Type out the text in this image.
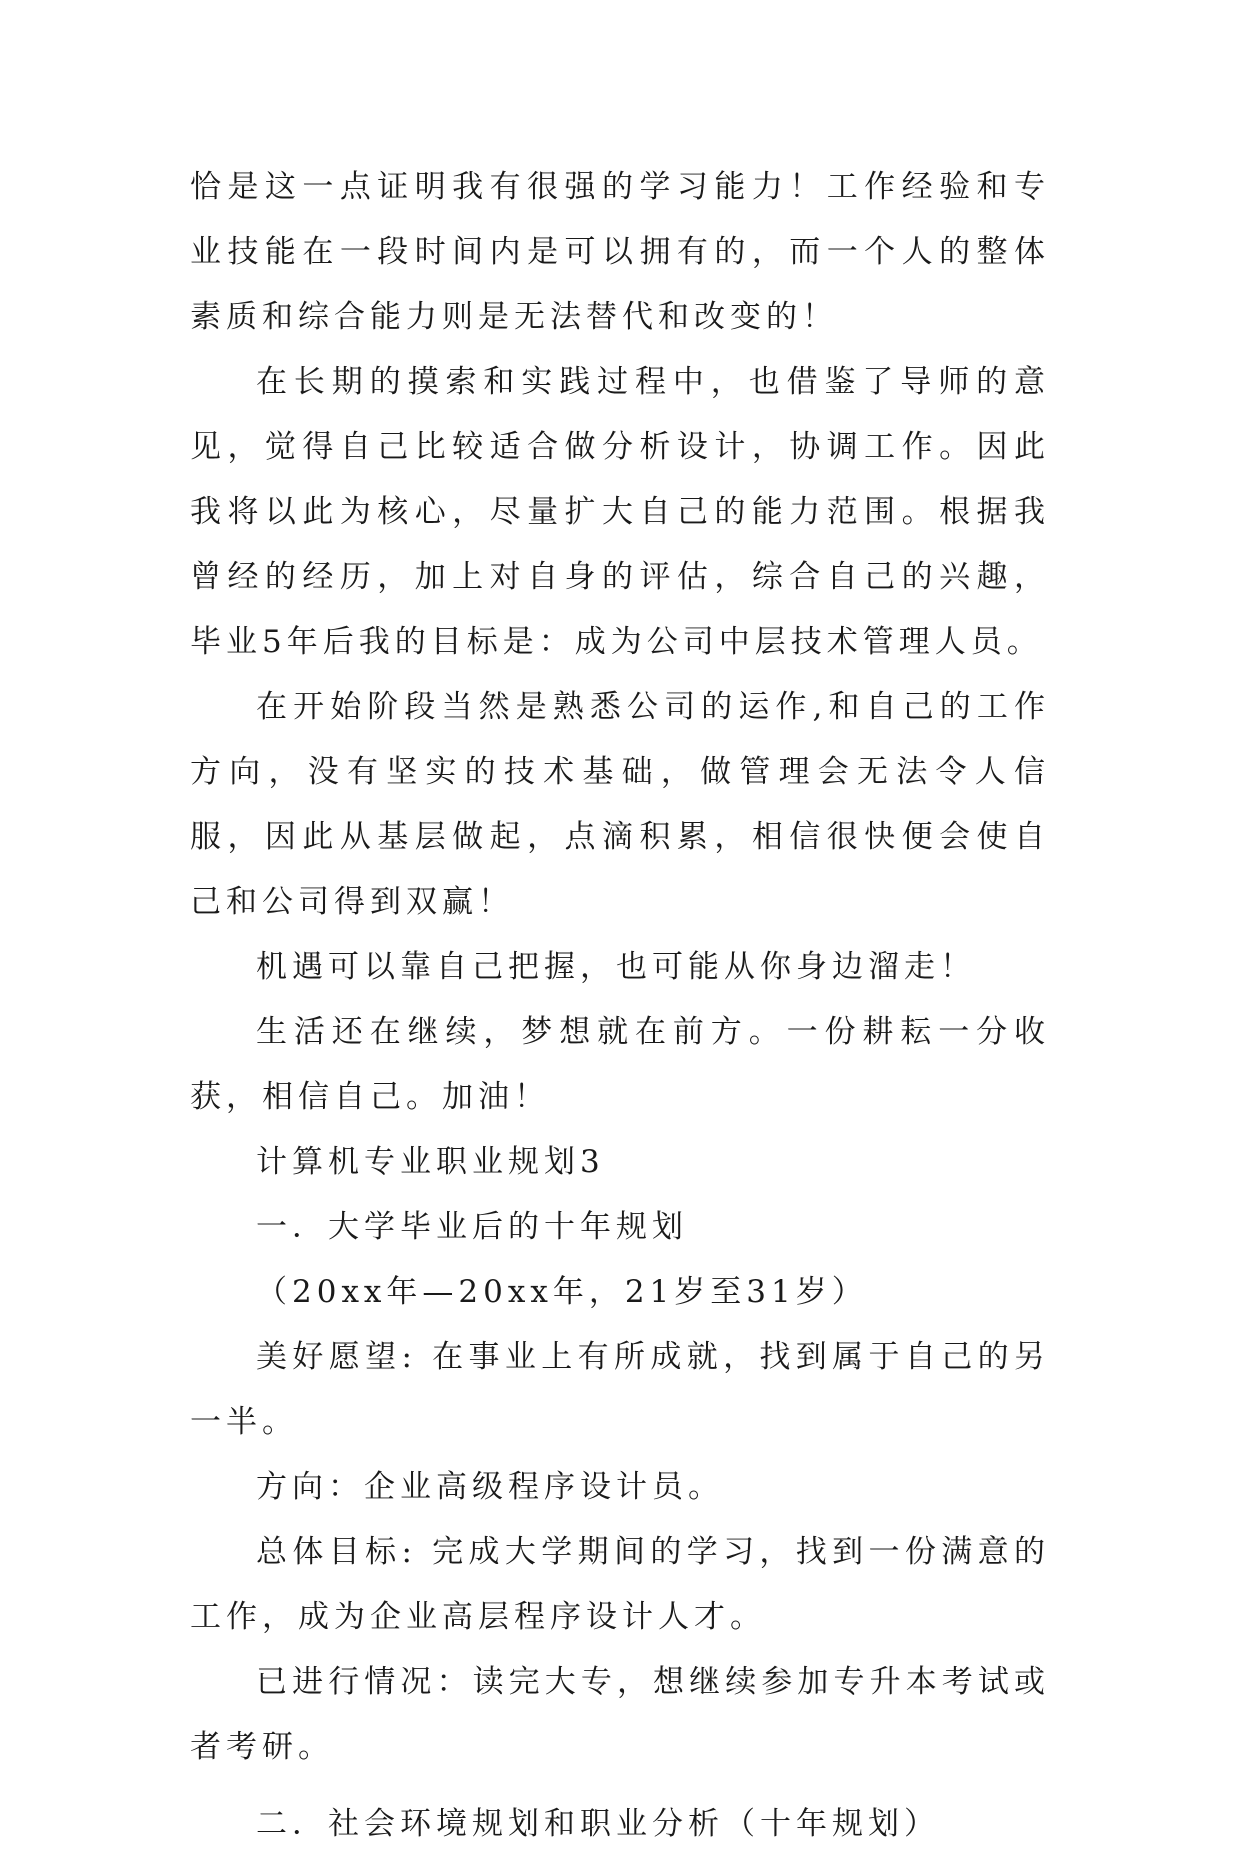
恰是这一点证明我有很强的学习能力！工作经验和专业技能在一段时间内是可以拥有的，而一个人的整体素质和综合能力则是无法替代和改变的！

在长期的摸索和实践过程中，也借鉴了导师的意见，觉得自己比较适合做分析设计，协调工作。因此我将以此为核心，尽量扩大自己的能力范围。根据我曾经的经历，加上对自身的评估，综合自己的兴趣，毕业5年后我的目标是：成为公司中层技术管理人员。

在开始阶段当然是熟悉公司的运作,和自己的工作方向，没有坚实的技术基础，做管理会无法令人信服，因此从基层做起，点滴积累，相信很快便会使自己和公司得到双赢！

机遇可以靠自己把握，也可能从你身边溜走！

生活还在继续，梦想就在前方。一份耕耘一分收获，相信自己。加油！

计算机专业职业规划3

一．大学毕业后的十年规划

（20xx年—20xx年，21岁至31岁）

美好愿望: 在事业上有所成就，找到属于自己的另一半。

方向：企业高级程序设计员。

总体目标: 完成大学期间的学习，找到一份满意的工作，成为企业高层程序设计人才。

已进行情况：读完大专，想继续参加专升本考试或者考研。

二．社会环境规划和职业分析（十年规划）
